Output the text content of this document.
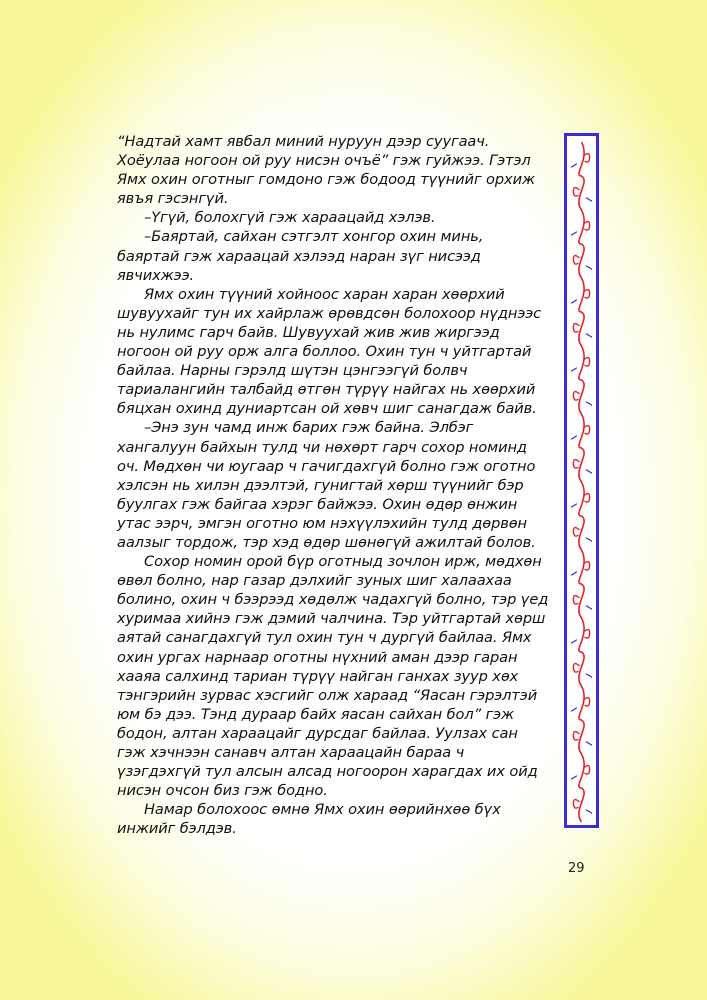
“Надтай хамт явбал миний нуруун дээр суугаач. Хоёулаа ногоон ой руу нисэн очъё” гэж гуйжээ. Гэтэл Ямх охин оготныг гомдоно гэж бодоод түүнийг орхиж явъя гэсэнгүй.

–Үгүй, болохгүй гэж хараацайд хэлэв.

–Баяртай, сайхан сэтгэлт хонгор охин минь, баяртай гэж хараацай хэлээд наран зүг нисээд явчихжээ.

Ямх охин түүний хойноос харан харан хөөрхий шувуухайг тун их хайрлаж өрөвдсөн болохоор нүднээс нь нулимс гарч байв. Шувуухай жив жив жиргээд ногоон ой руу орж алга боллоо. Охин тун ч уйтгартай байлаа. Нарны гэрэлд шүтэн цэнгээгүй болвч тариалангийн талбайд өтгөн түрүү найгах нь хөөрхий бяцхан охинд дуниартсан ой хөвч шиг санагдаж байв.

–Энэ зун чамд инж барих гэж байна. Элбэг хангалуун байхын тулд чи нөхөрт гарч сохор номинд оч. Мөдхөн чи юугаар ч гачигдахгүй болно гэж оготно хэлсэн нь хилэн дээлтэй, гунигтай хөрш түүнийг бэр буулгах гэж байгаа хэрэг байжээ. Охин өдөр өнжин утас ээрч, эмгэн оготно юм нэхүүлэхийн тулд дөрвөн аалзыг тордож, тэр хэд өдөр шөнөгүй ажилтай болов.

Сохор номин орой бүр оготныд зочлон ирж, мөдхөн өвөл болно, нар газар дэлхийг зуных шиг халаахаа болино, охин ч бээрээд хөдөлж чадахгүй болно, тэр үед хуримаа хийнэ гэж дэмий чалчина. Тэр уйтгартай хөрш аятай санагдахгүй тул охин тун ч дургүй байлаа. Ямх охин ургах нарнаар оготны нүхний аман дээр гаран хааяа салхинд тариан түрүү найган ганхах зуур хөх тэнгэрийн зурвас хэсгийг олж хараад “Яасан гэрэлтэй юм бэ дээ. Тэнд дураар байх яасан сайхан бол” гэж бодон, алтан хараацайг дурсдаг байлаа. Уулзах сан гэж хэчнээн санавч алтан хараацайн бараа ч үзэгдэхгүй тул алсын алсад ногоорон харагдах их ойд нисэн очсон биз гэж бодно.

Намар болохоос өмнө Ямх охин өөрийнхөө бүх инжийг бэлдэв.

29
